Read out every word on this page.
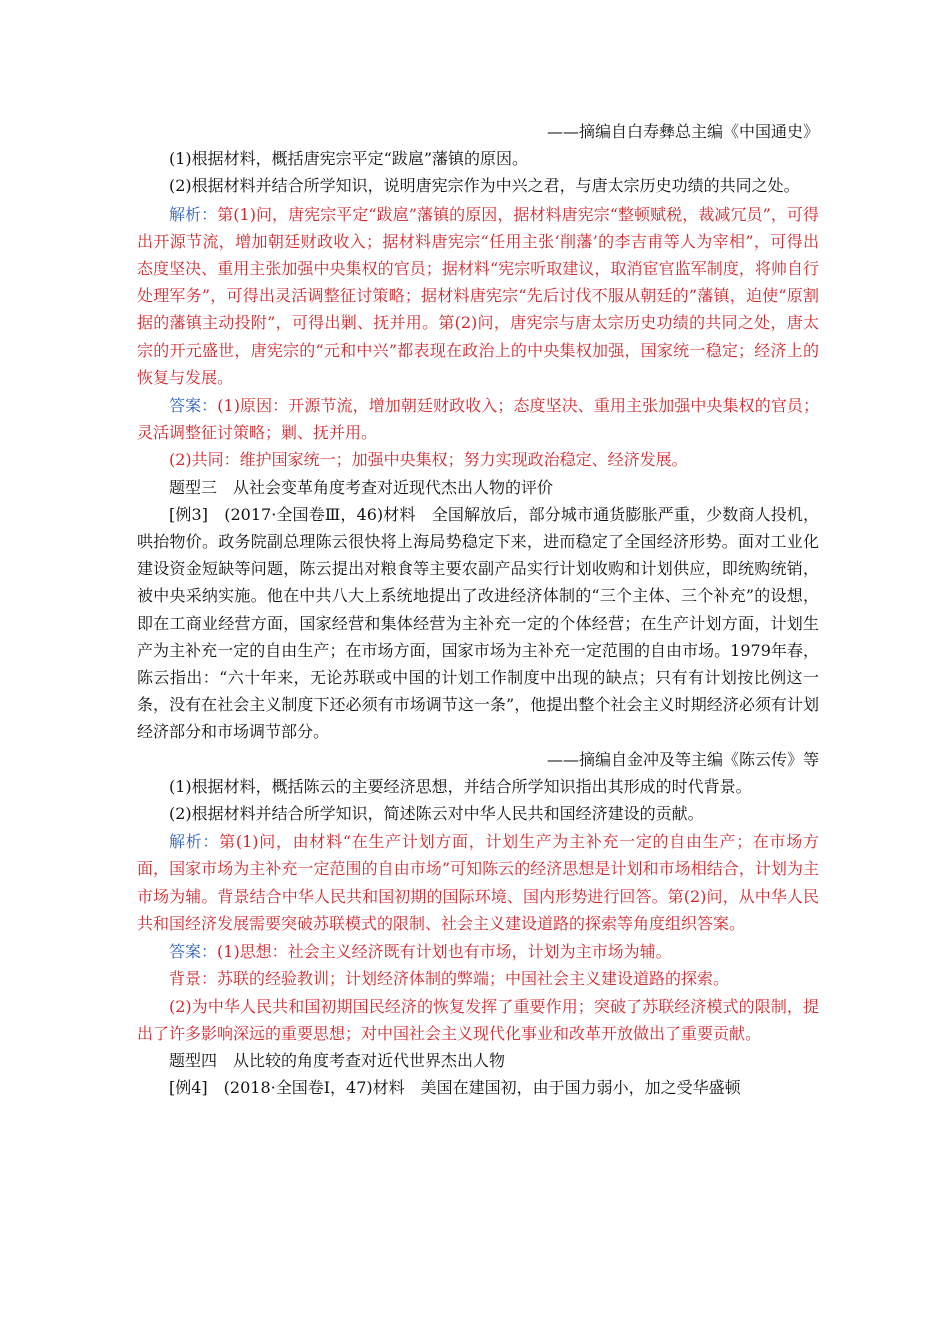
——摘编自白寿彝总主编《中国通史》

(1)根据材料，概括唐宪宗平定“跋扈”藩镇的原因。

(2)根据材料并结合所学知识，说明唐宪宗作为中兴之君，与唐太宗历史功绩的共同之处。

解析：第(1)问，唐宪宗平定“跋扈”藩镇的原因，据材料唐宪宗“整顿赋税，裁减冗员”，可得出开源节流，增加朝廷财政收入；据材料唐宪宗“任用主张‘削藩’的李吉甫等人为宰相”，可得出态度坚决、重用主张加强中央集权的官员；据材料“宪宗听取建议，取消宦官监军制度，将帅自行处理军务”，可得出灵活调整征讨策略；据材料唐宪宗“先后讨伐不服从朝廷的”藩镇，迫使“原割据的藩镇主动投附”，可得出剿、抚并用。第(2)问，唐宪宗与唐太宗历史功绩的共同之处，唐太宗的开元盛世，唐宪宗的“元和中兴”都表现在政治上的中央集权加强，国家统一稳定；经济上的恢复与发展。

答案：(1)原因：开源节流，增加朝廷财政收入；态度坚决、重用主张加强中央集权的官员；灵活调整征讨策略；剿、抚并用。

(2)共同：维护国家统一；加强中央集权；努力实现政治稳定、经济发展。

题型三　从社会变革角度考查对近现代杰出人物的评价

[例3]　(2017·全国卷Ⅲ，46)材料　全国解放后，部分城市通货膨胀严重，少数商人投机，哄抬物价。政务院副总理陈云很快将上海局势稳定下来，进而稳定了全国经济形势。面对工业化建设资金短缺等问题，陈云提出对粮食等主要农副产品实行计划收购和计划供应，即统购统销，被中央采纳实施。他在中共八大上系统地提出了改进经济体制的“三个主体、三个补充”的设想，即在工商业经营方面，国家经营和集体经营为主补充一定的个体经营；在生产计划方面，计划生产为主补充一定的自由生产；在市场方面，国家市场为主补充一定范围的自由市场。1979年春，陈云指出：“六十年来，无论苏联或中国的计划工作制度中出现的缺点；只有有计划按比例这一条，没有在社会主义制度下还必须有市场调节这一条”，他提出整个社会主义时期经济必须有计划经济部分和市场调节部分。

——摘编自金冲及等主编《陈云传》等

(1)根据材料，概括陈云的主要经济思想，并结合所学知识指出其形成的时代背景。

(2)根据材料并结合所学知识，简述陈云对中华人民共和国经济建设的贡献。

解析：第(1)问，由材料“在生产计划方面，计划生产为主补充一定的自由生产；在市场方面，国家市场为主补充一定范围的自由市场”可知陈云的经济思想是计划和市场相结合，计划为主市场为辅。背景结合中华人民共和国初期的国际环境、国内形势进行回答。第(2)问，从中华人民共和国经济发展需要突破苏联模式的限制、社会主义建设道路的探索等角度组织答案。

答案：(1)思想：社会主义经济既有计划也有市场，计划为主市场为辅。

背景：苏联的经验教训；计划经济体制的弊端；中国社会主义建设道路的探索。

(2)为中华人民共和国初期国民经济的恢复发挥了重要作用；突破了苏联经济模式的限制，提出了许多影响深远的重要思想；对中国社会主义现代化事业和改革开放做出了重要贡献。

题型四　从比较的角度考查对近代世界杰出人物

[例4]　(2018·全国卷Ⅰ，47)材料　美国在建国初，由于国力弱小，加之受华盛顿
